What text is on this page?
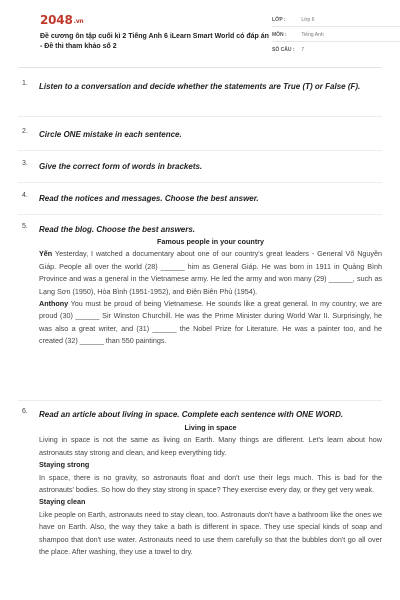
2048.vn
Đề cương ôn tập cuối kì 2 Tiếng Anh 6 iLearn Smart World có đáp án - Đề thi tham khảo số 2
LỚP :	Lớp 6
MÔN :	Tiếng Anh
SỐ CÂU : 7
1. Listen to a conversation and decide whether the statements are True (T) or False (F).
2. Circle ONE mistake in each sentence.
3. Give the correct form of words in brackets.
4. Read the notices and messages. Choose the best answer.
5. Read the blog. Choose the best answers.

Famous people in your country

Yến Yesterday, I watched a documentary about one of our country's great leaders - General Võ Nguyên Giáp. People all over the world (28) ______ him as General Giáp. He was born in 1911 in Quảng Bình Province and was a general in the Vietnamese army. He led the army and won many (29) ______, such as Lạng Sơn (1950), Hòa Bình (1951-1952), and Điện Biên Phủ (1954).

Anthony You must be proud of being Vietnamese. He sounds like a great general. In my country, we are proud (30) ______ Sir Winston Churchill. He was the Prime Minister during World War II. Surprisingly, he was also a great writer, and (31) ______ the Nobel Prize for Literature. He was a painter too, and he created (32) ______ than 550 paintings.

6. Read an article about living in space. Complete each sentence with ONE WORD.

Living in space

Living in space is not the same as living on Earth. Many things are different. Let's learn about how astronauts stay strong and clean, and keep everything tidy.

Staying strong

In space, there is no gravity, so astronauts float and don't use their legs much. This is bad for the astronauts' bodies. So how do they stay strong in space? They exercise every day, or they get very weak.

Staying clean

Like people on Earth, astronauts need to stay clean, too. Astronauts don't have a bathroom like the ones we have on Earth. Also, the way they take a bath is different in space. They use special kinds of soap and shampoo that don't use water. Astronauts need to use them carefully so that the bubbles don't go all over the place. After washing, they use a towel to dry.
